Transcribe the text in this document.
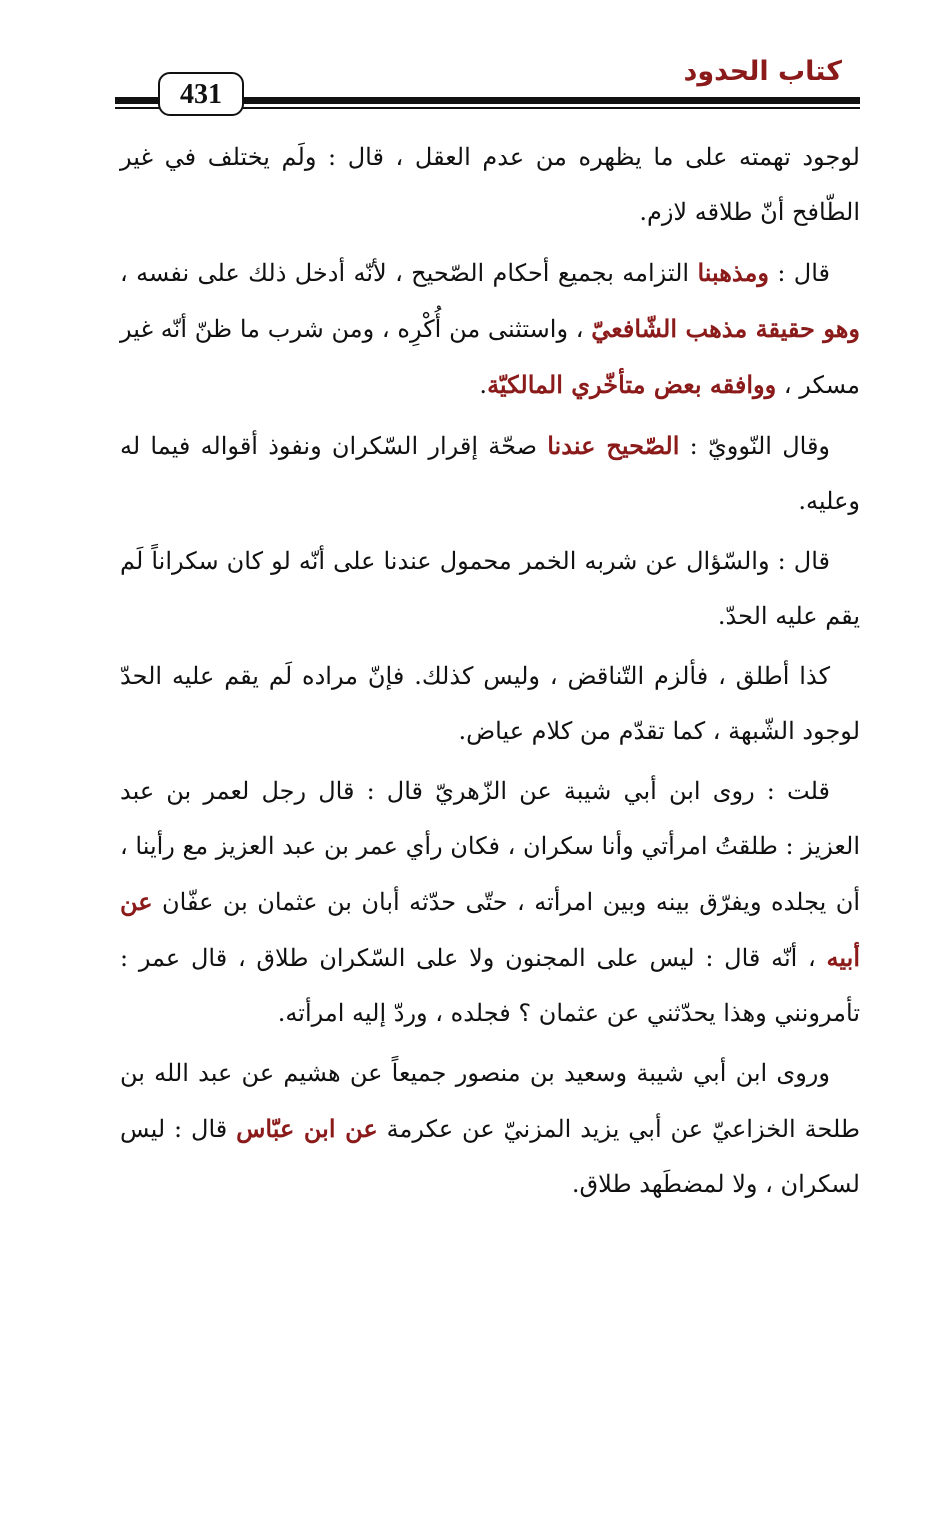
كتاب الحدود
431

لوجود تهمته على ما يظهره من عدم العقل ، قال : ولَم يختلف في غير الطّافح أنّ طلاقه لازم.

قال : ومذهبنا التزامه بجميع أحكام الصّحيح ، لأنّه أدخل ذلك على نفسه ، وهو حقيقة مذهب الشّافعيّ ، واستثنى من أُكْرِه ، ومن شرب ما ظنّ أنّه غير مسكر ، ووافقه بعض متأخّري المالكيّة.

وقال النّوويّ : الصّحيح عندنا صحّة إقرار السّكران ونفوذ أقواله فيما له وعليه.

قال : والسّؤال عن شربه الخمر محمول عندنا على أنّه لو كان سكراناً لَم يقم عليه الحدّ.

كذا أطلق ، فألزم التّناقض ، وليس كذلك. فإنّ مراده لَم يقم عليه الحدّ لوجود الشّبهة ، كما تقدّم من كلام عياض.

قلت : روى ابن أبي شيبة عن الزّهريّ قال : قال رجل لعمر بن عبد العزيز : طلقتُ امرأتي وأنا سكران ، فكان رأي عمر بن عبد العزيز مع رأينا ، أن يجلده ويفرّق بينه وبين امرأته ، حتّى حدّثه أبان بن عثمان بن عفّان عن أبيه ، أنّه قال : ليس على المجنون ولا على السّكران طلاق ، قال عمر : تأمرونني وهذا يحدّثني عن عثمان ؟ فجلده ، وردّ إليه امرأته.

وروى ابن أبي شيبة وسعيد بن منصور جميعاً عن هشيم عن عبد الله بن طلحة الخزاعيّ عن أبي يزيد المزنيّ عن عكرمة عن ابن عبّاس قال : ليس لسكران ، ولا لمضطَهد طلاق.
